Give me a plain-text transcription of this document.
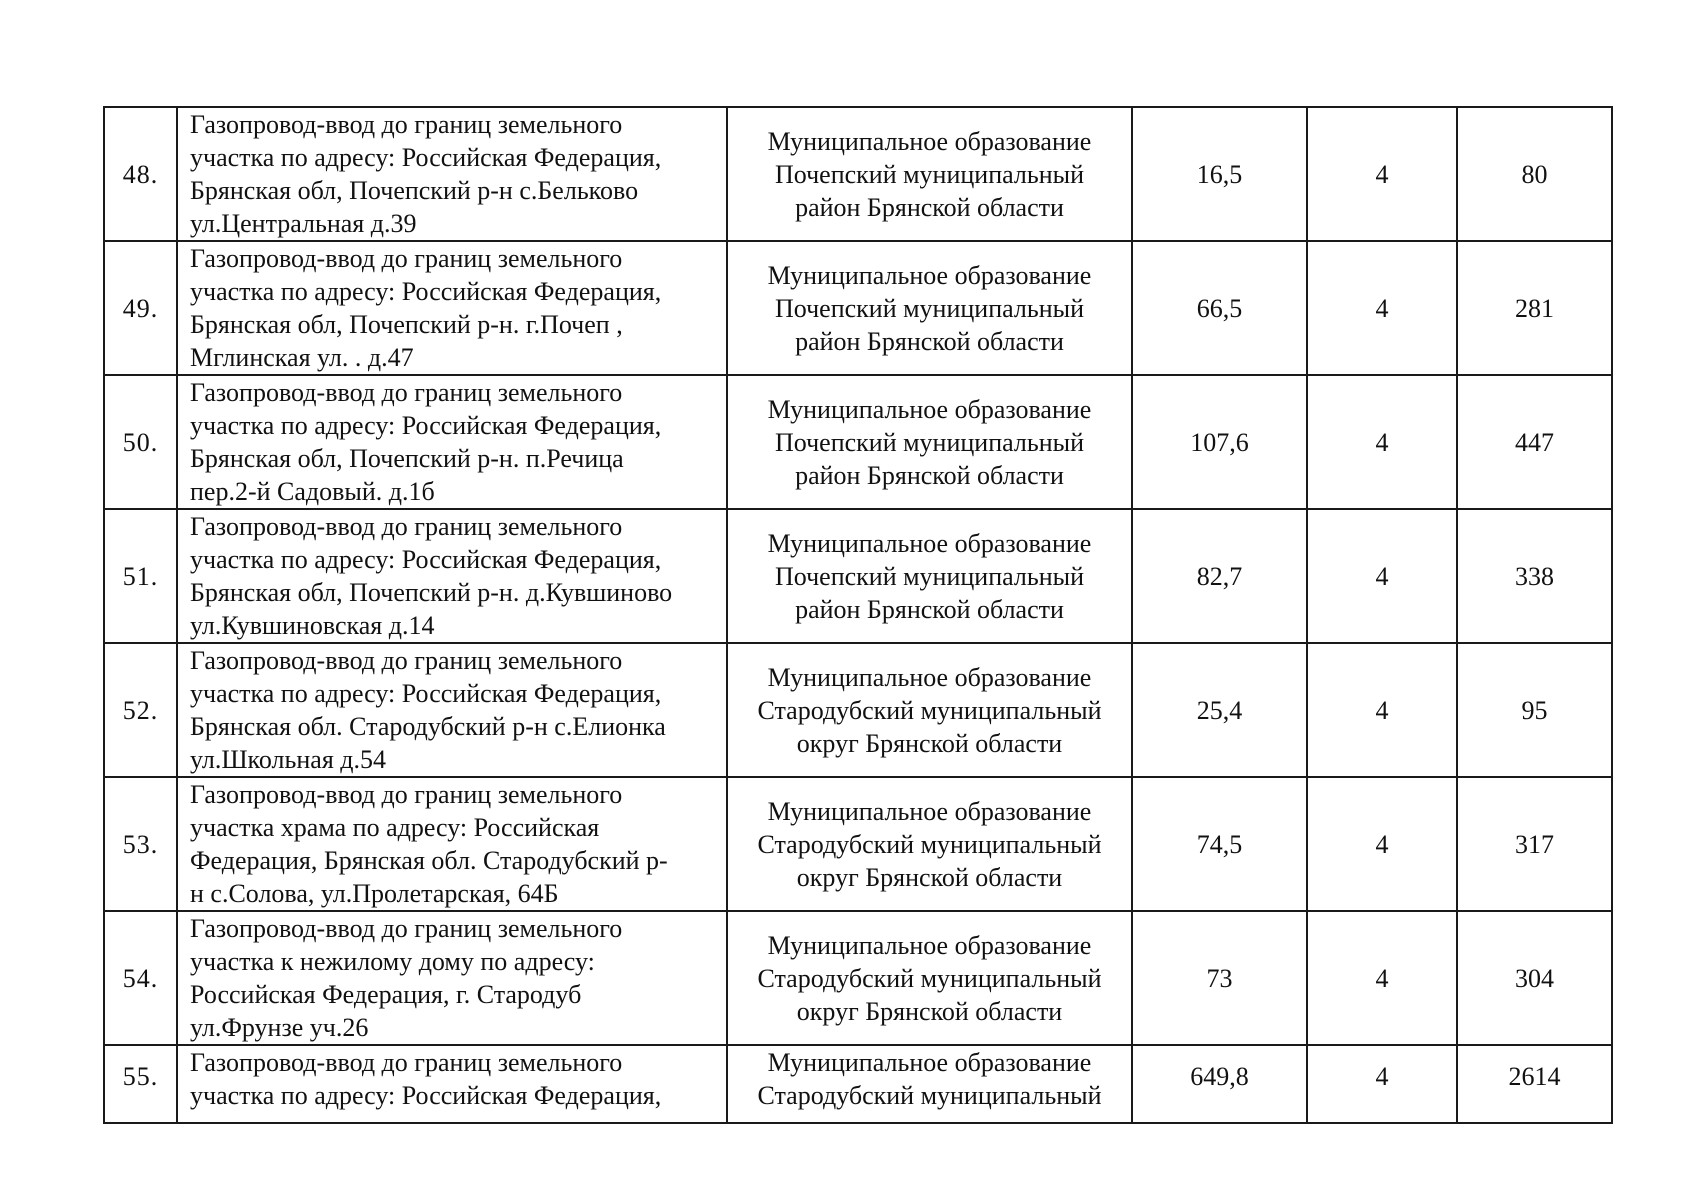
48.	Газопровод-ввод до границ земельного
участка по адресу: Российская Федерация,
Брянская обл, Почепский р-н с.Бельково
ул.Центральная д.39	Муниципальное образование
Почепский муниципальный
район Брянской области	16,5	4	80

49.	Газопровод-ввод до границ земельного
участка по адресу: Российская Федерация,
Брянская обл, Почепский р-н. г.Почеп ,
Мглинская ул. . д.47	Муниципальное образование
Почепский муниципальный
район Брянской области	66,5	4	281

50.	Газопровод-ввод до границ земельного
участка по адресу: Российская Федерация,
Брянская обл, Почепский р-н. п.Речица
пер.2-й Садовый. д.1б	Муниципальное образование
Почепский муниципальный
район Брянской области	107,6	4	447

51.	Газопровод-ввод до границ земельного
участка по адресу: Российская Федерация,
Брянская обл, Почепский р-н. д.Кувшиново
ул.Кувшиновская д.14	Муниципальное образование
Почепский муниципальный
район Брянской области	82,7	4	338

52.	Газопровод-ввод до границ земельного
участка по адресу: Российская Федерация,
Брянская обл. Стародубский р-н с.Елионка
ул.Школьная д.54	Муниципальное образование
Стародубский муниципальный
округ Брянской области	25,4	4	95

53.	Газопровод-ввод до границ земельного
участка храма по адресу: Российская
Федерация, Брянская обл. Стародубский р-
н с.Солова, ул.Пролетарская, 64Б	Муниципальное образование
Стародубский муниципальный
округ Брянской области	74,5	4	317

54.	Газопровод-ввод до границ земельного
участка к нежилому дому по адресу:
Российская Федерация, г. Стародуб
ул.Фрунзе уч.26	Муниципальное образование
Стародубский муниципальный
округ Брянской области	73	4	304

55.	Газопровод-ввод до границ земельного
участка по адресу: Российская Федерация,	Муниципальное образование
Стародубский муниципальный	649,8	4	2614
